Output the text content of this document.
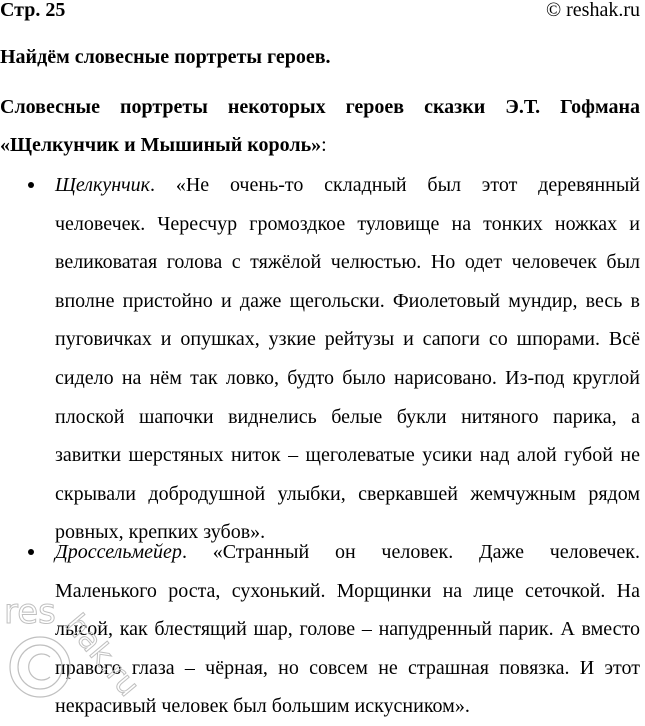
Стр. 25	© reshak.ru
Найдём словесные портреты героев.
Словесные портреты некоторых героев сказки Э.Т. Гофмана «Щелкунчик и Мышиный король»:

Щелкунчик. «Не очень-то складный был этот деревянный человечек. Чересчур громоздкое туловище на тонких ножках и великоватая голова с тяжёлой челюстью. Но одет человечек был вполне пристойно и даже щегольски. Фиолетовый мундир, весь в пуговичках и опушках, узкие рейтузы и сапоги со шпорами. Всё сидело на нём так ловко, будто было нарисовано. Из-под круглой плоской шапочки виднелись белые букли нитяного парика, а завитки шерстяных ниток – щеголеватые усики над алой губой не скрывали добродушной улыбки, сверкавшей жемчужным рядом ровных, крепких зубов».

Дроссельмейер. «Странный он человек. Даже человечек. Маленького роста, сухонький. Морщинки на лице сеточкой. На лысой, как блестящий шар, голове – напудренный парик. А вместо правого глаза – чёрная, но совсем не страшная повязка. И этот некрасивый человек был большим искусником».

res hak.ru
